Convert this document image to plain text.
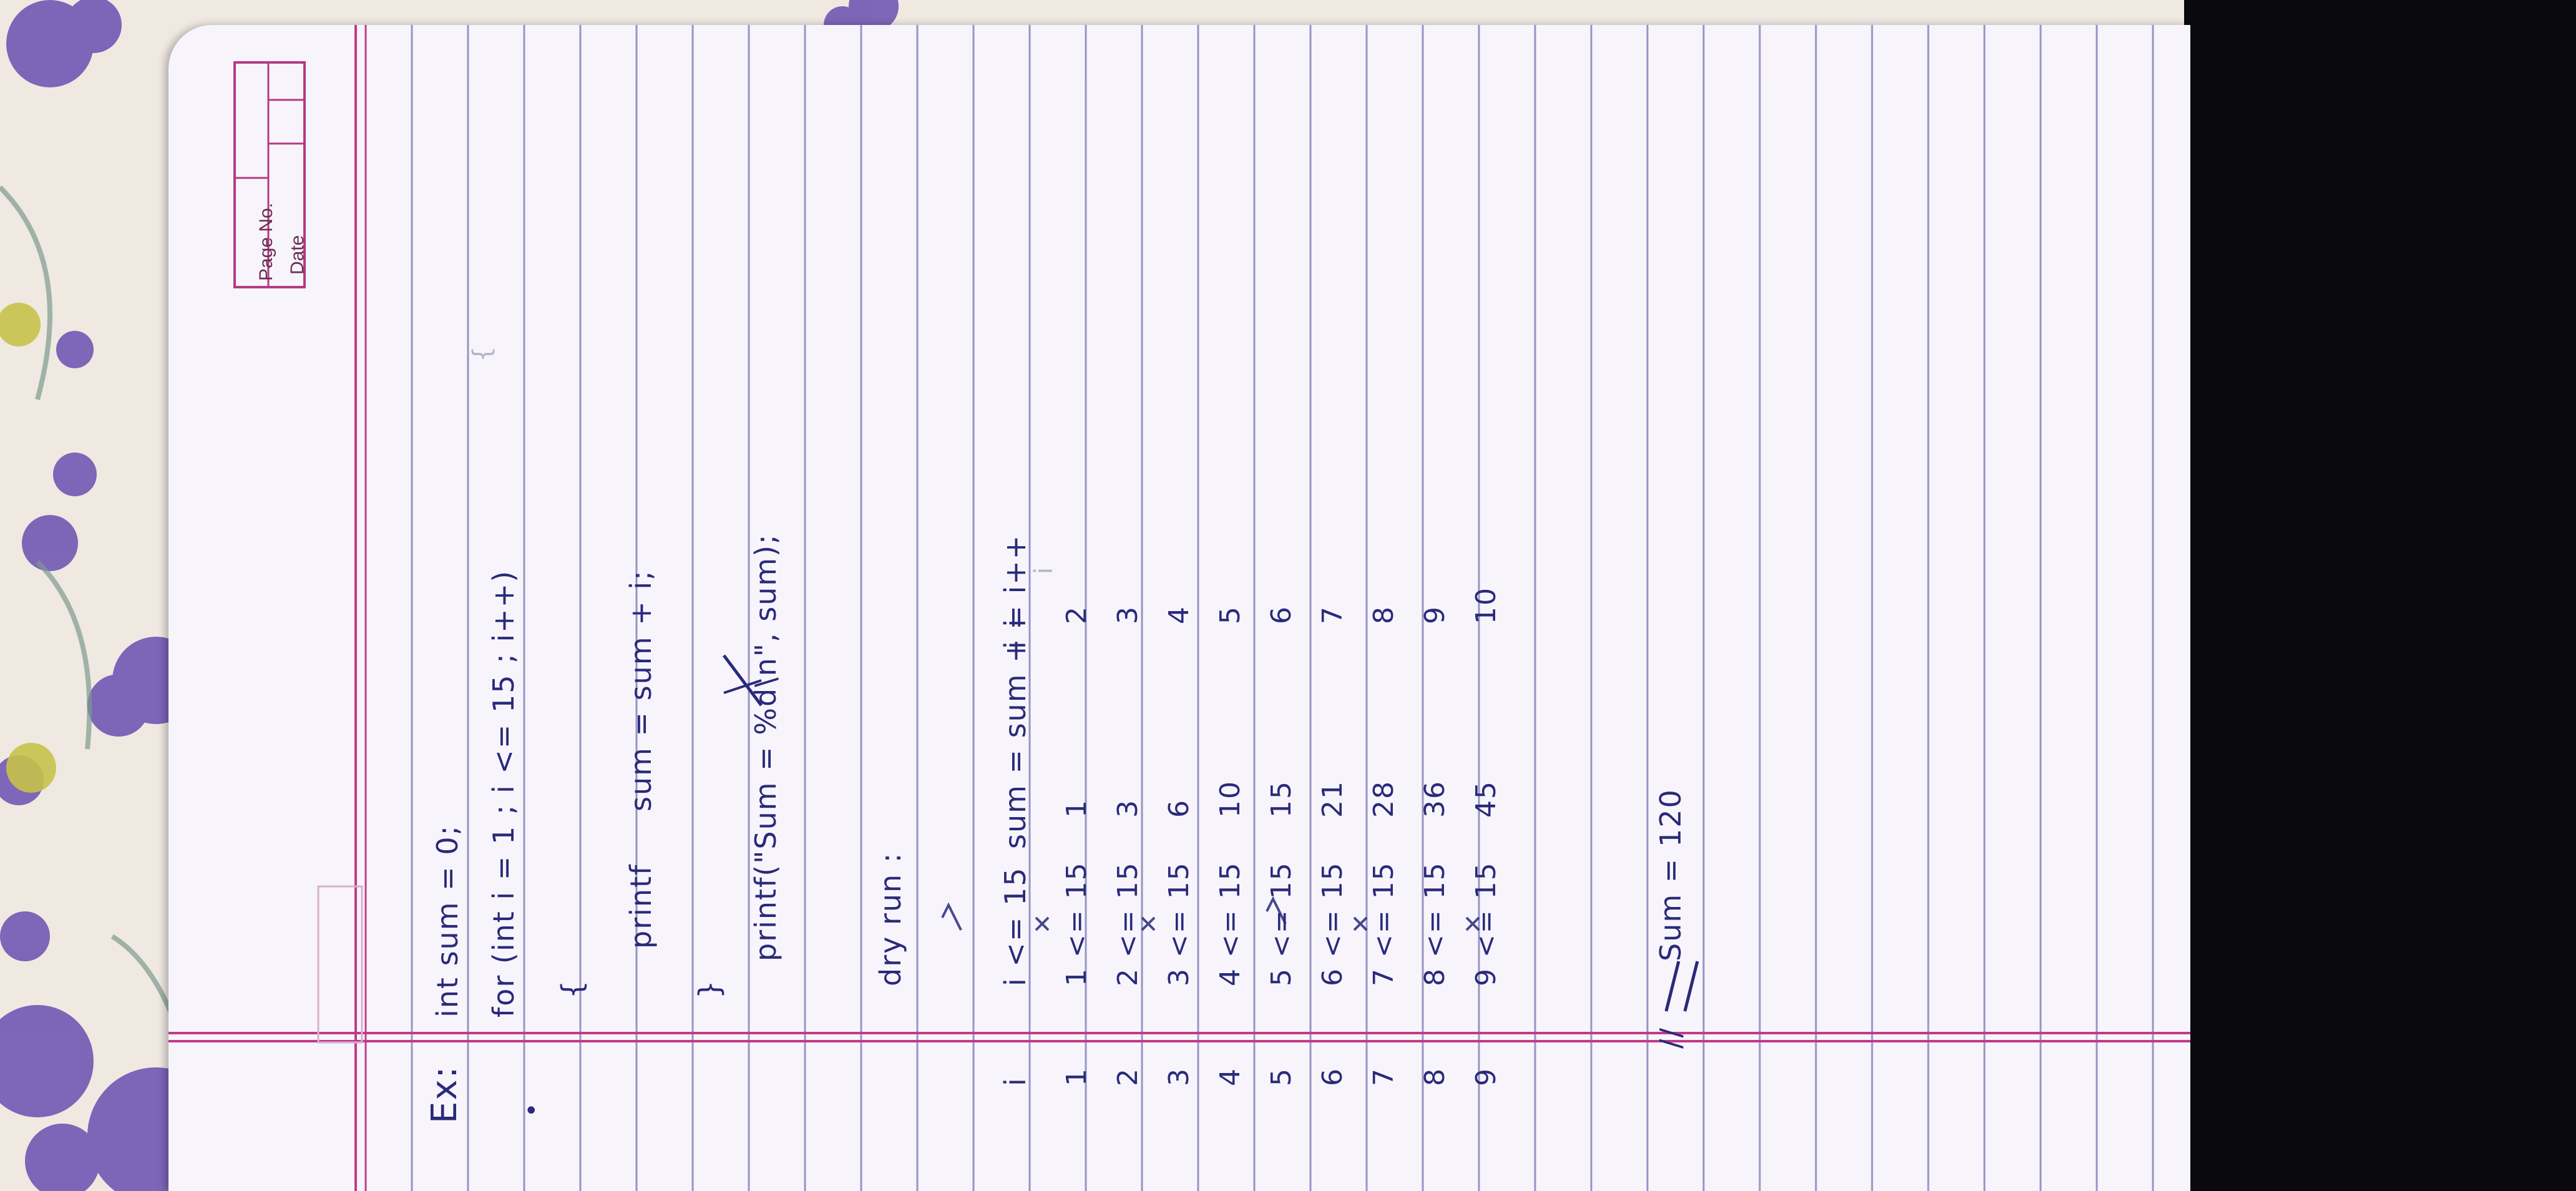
Page No. Date
•
Ex:
int sum = 0; for (int i = 1 ; i <= 15 ; i++) {
printf
sum = sum + i;
}
printf("Sum = %d\n", sum);	dry run :
i
i <= 15
sum = sum + i
i = i++
1
1 <= 15
1
2
2
2 <= 15
3
3
3
3 <= 15
6
4
4
4 <= 15
10
5
5
5 <= 15
15
6
6
6 <= 15
21
7
7
7 <= 15
28
8
8
8 <= 15
36
9
9
9 <= 15
45
10
//
Sum = 120
{
i
